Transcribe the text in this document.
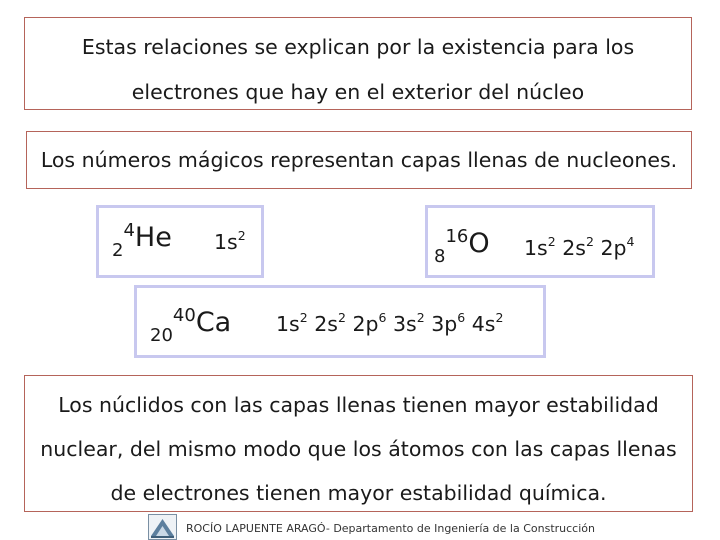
Estas relaciones se explican por la existencia para los

electrones que hay en el exterior del núcleo

Los números mágicos representan capas llenas de nucleones.

24He $1s^2$
816O $1s^2$ $2s^2$ $2p^4$
2040Ca $1s^2$ $2s^2$ $2p^6$ $3s^2$ $3p^6$ $4s^2$

Los núclidos con las capas llenas tienen mayor estabilidad

nuclear, del mismo modo que los átomos con las capas llenas

de electrones tienen mayor estabilidad química.

ROCÍO LAPUENTE ARAGÓ- Departamento de Ingeniería de la Construcción
